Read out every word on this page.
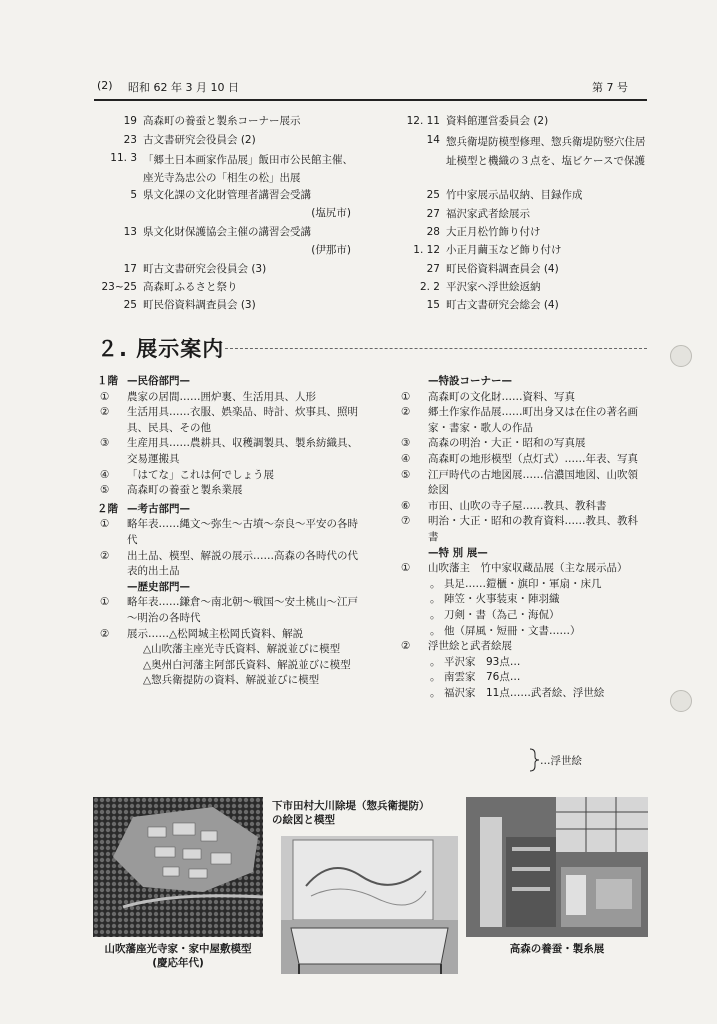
(2) 昭和 62 年 3 月 10 日	第 7 号
19 高森町の養蚕と製糸コーナー展示
23 古文書研究会役員会 (2)
11. 3 「郷土日本画家作品展」飯田市公民館主催、座光寺為忠公の「相生の松」出展
5 県文化課の文化財管理者講習会受講
(塩尻市)
13 県文化財保護協会主催の講習会受講
(伊那市)
17 町古文書研究会役員会 (3)
23~25 高森町ふるさと祭り
25 町民俗資料調査員会 (3)
12. 11 資料館運営委員会 (2)
14 惣兵衛堤防模型修理、惣兵衛堤防竪穴住居址模型と機織の３点を、塩ビケースで保護
25 竹中家展示品収納、目録作成
27 福沢家武者絵展示
28 大正月松竹飾り付け
1. 12 小正月繭玉など飾り付け
27 町民俗資料調査員会 (4)
2. 2 平沢家へ浮世絵返納
15 町古文書研究会総会 (4)
２. 展示案内
１階 —民俗部門—
① 農家の居間……囲炉裏、生活用具、人形
② 生活用具……衣服、娯楽品、時計、炊事具、照明具、民具、その他
③ 生産用具……農耕具、収穫調製具、製糸紡織具、交易運搬具
④ 「はてな」これは何でしょう展
⑤ 高森町の養蚕と製糸業展
２階 —考古部門—
① 略年表……縄文～弥生～古墳～奈良～平安の各時代
② 出土品、模型、解説の展示……高森の各時代の代表的出土品
—歴史部門—
① 略年表……鎌倉～南北朝～戦国～安土桃山～江戸～明治の各時代
② 展示……△松岡城主松岡氏資料、解説
△山吹藩主座光寺氏資料、解説並びに模型
△奥州白河藩主阿部氏資料、解説並びに模型
△惣兵衛提防の資料、解説並びに模型
—特設コーナー—
① 高森町の文化財……資料、写真
② 郷土作家作品展……町出身又は在住の著名画家・書家・歌人の作品
③ 高森の明治・大正・昭和の写真展
④ 高森町の地形模型（点灯式）……年表、写真
⑤ 江戸時代の古地図展……信濃国地図、山吹領絵図
⑥ 市田、山吹の寺子屋……教具、教科書
⑦ 明治・大正・昭和の教育資料……教具、教科書
—特 別 展—
① 山吹藩主　竹中家収蔵品展（主な展示品）
。 具足……鎧櫃・旗印・軍扇・床几
。 陣笠・火事装束・陣羽織
。 刀剣・書（為己・海侃）
。 他（屏風・短冊・文書……）
② 浮世絵と武者絵展
。 平沢家　93点…
。 南雲家　76点…
。 福沢家　11点……武者絵、浮世絵
…浮世絵
山吹藩座光寺家・家中屋敷模型
(慶応年代)
下市田村大川除堤（惣兵衛提防）
の絵図と模型
高森の養蚕・製糸展
